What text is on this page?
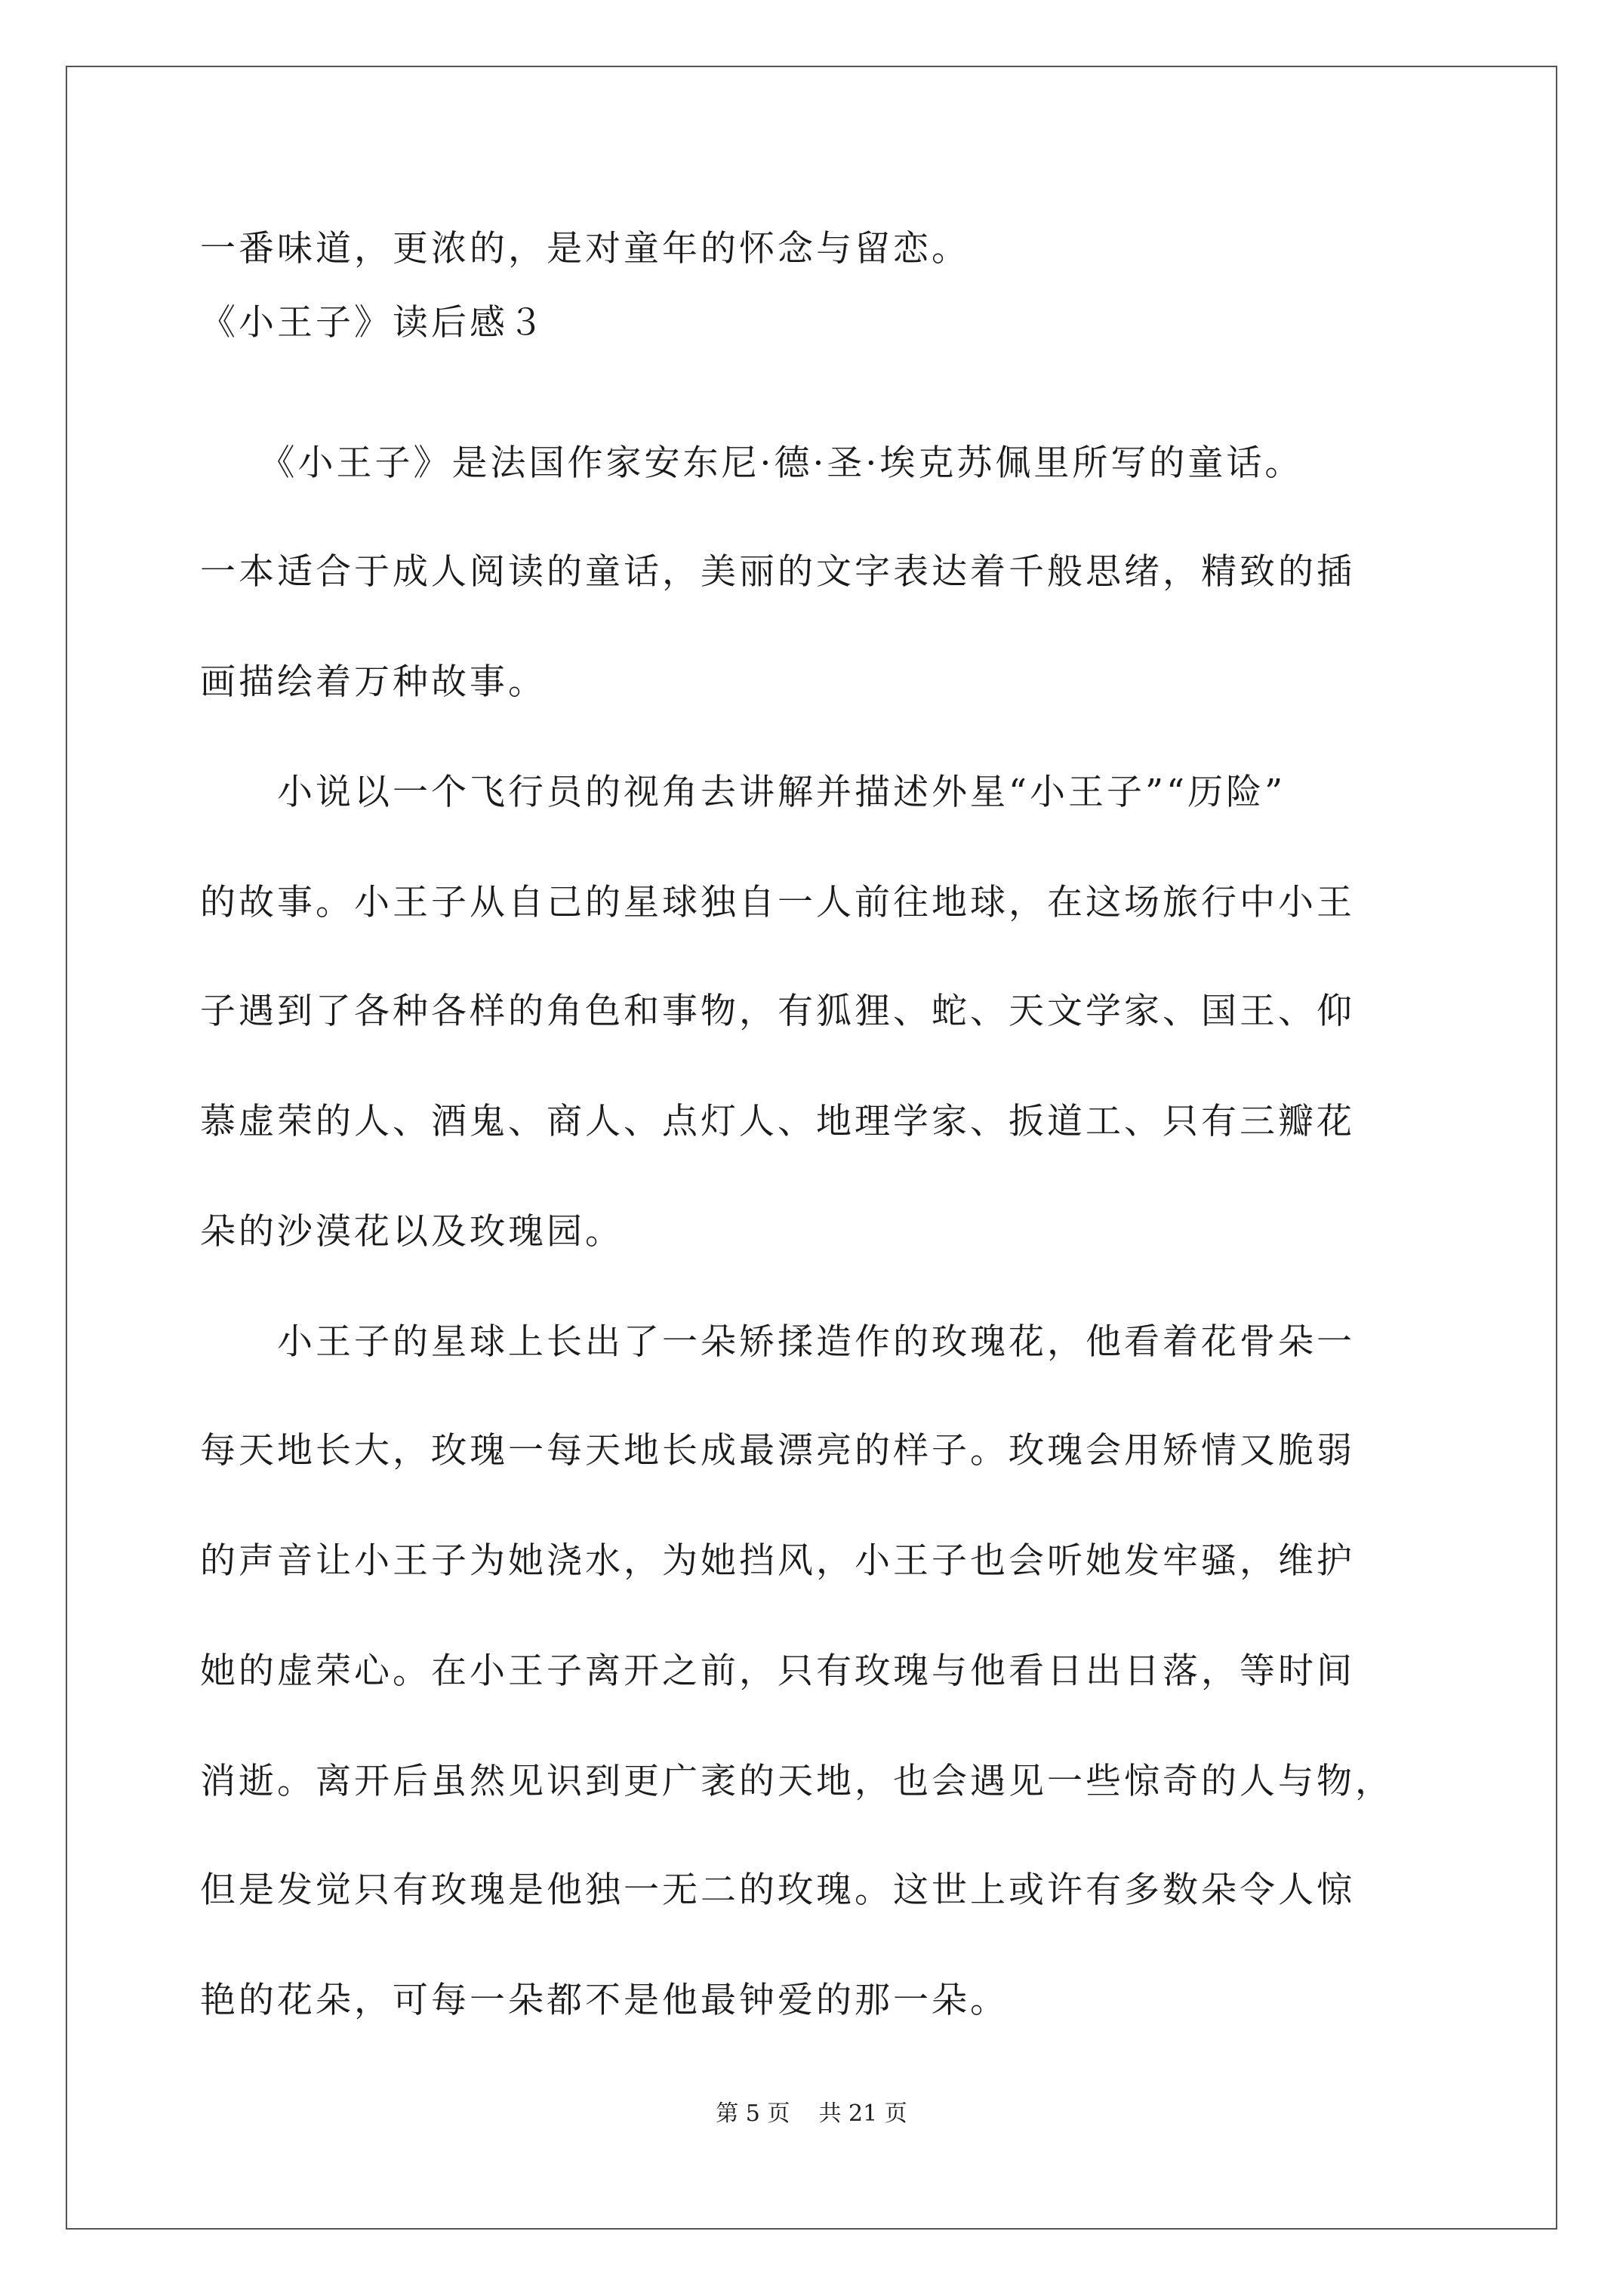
一番味道，更浓的，是对童年的怀念与留恋。
《小王子》读后感３
　　《小王子》是法国作家安东尼·德·圣·埃克苏佩里所写的童话。
一本适合于成人阅读的童话，美丽的文字表达着千般思绪，精致的插
画描绘着万种故事。
　　小说以一个飞行员的视角去讲解并描述外星“小王子”“历险”
的故事。小王子从自己的星球独自一人前往地球，在这场旅行中小王
子遇到了各种各样的角色和事物，有狐狸、蛇、天文学家、国王、仰
慕虚荣的人、酒鬼、商人、点灯人、地理学家、扳道工、只有三瓣花
朵的沙漠花以及玫瑰园。
　　小王子的星球上长出了一朵矫揉造作的玫瑰花，他看着花骨朵一
每天地长大，玫瑰一每天地长成最漂亮的样子。玫瑰会用矫情又脆弱
的声音让小王子为她浇水，为她挡风，小王子也会听她发牢骚，维护
她的虚荣心。在小王子离开之前，只有玫瑰与他看日出日落，等时间
消逝。离开后虽然见识到更广袤的天地，也会遇见一些惊奇的人与物，
但是发觉只有玫瑰是他独一无二的玫瑰。这世上或许有多数朵令人惊
艳的花朵，可每一朵都不是他最钟爱的那一朵。
第 5 页    共 21 页
